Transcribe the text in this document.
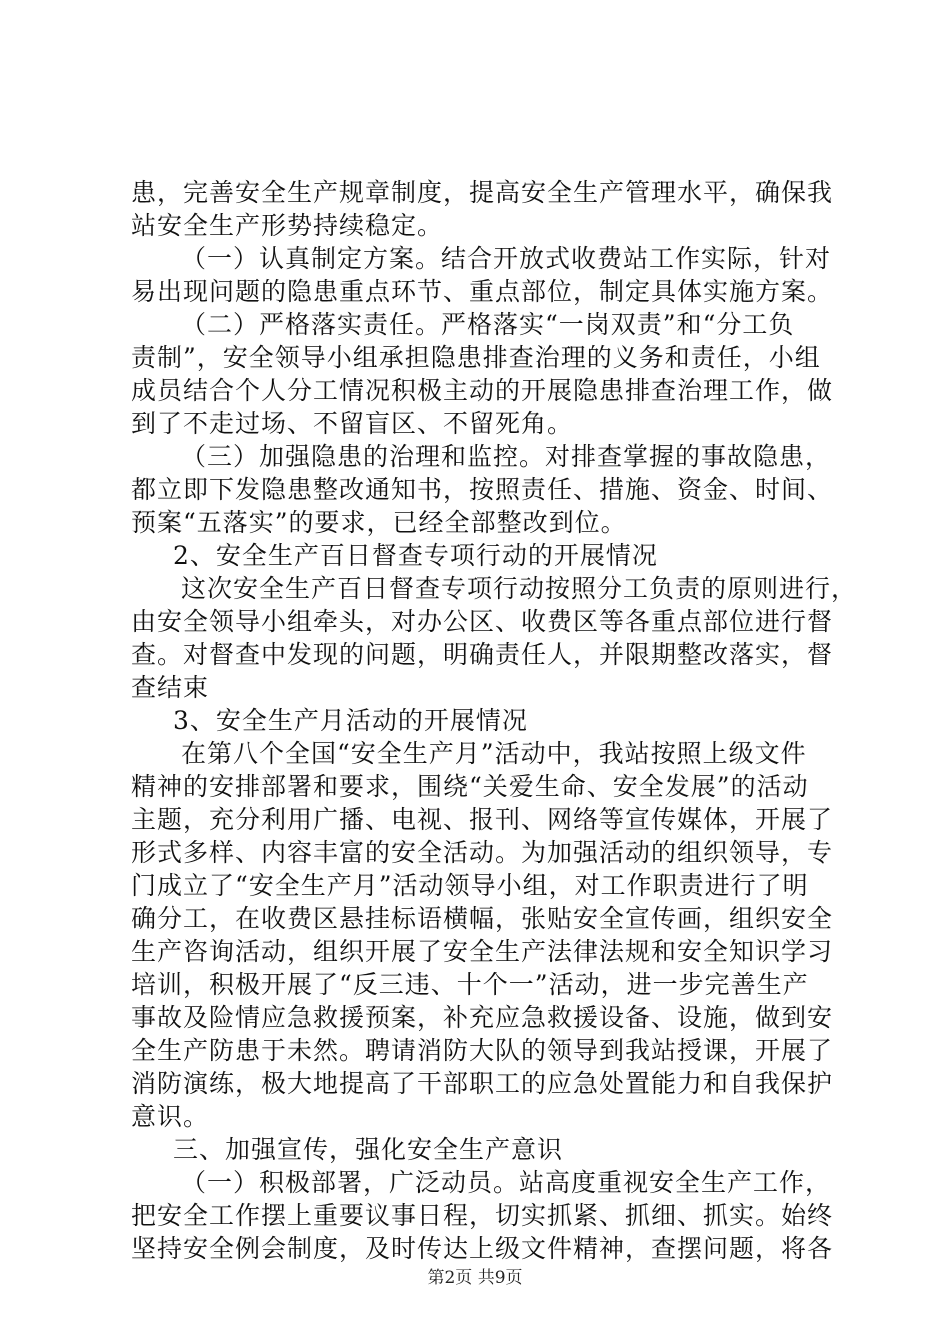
患，完善安全生产规章制度，提高安全生产管理水平，确保我
站安全生产形势持续稳定。
（一）认真制定方案。结合开放式收费站工作实际，针对
易出现问题的隐患重点环节、重点部位，制定具体实施方案。
（二）严格落实责任。严格落实“一岗双责”和“分工负
责制”，安全领导小组承担隐患排查治理的义务和责任，小组
成员结合个人分工情况积极主动的开展隐患排查治理工作，做
到了不走过场、不留盲区、不留死角。
（三）加强隐患的治理和监控。对排查掌握的事故隐患，
都立即下发隐患整改通知书，按照责任、措施、资金、时间、
预案“五落实”的要求，已经全部整改到位。
2、安全生产百日督查专项行动的开展情况
这次安全生产百日督查专项行动按照分工负责的原则进行，
由安全领导小组牵头，对办公区、收费区等各重点部位进行督
查。对督查中发现的问题，明确责任人，并限期整改落实，督
查结束
3、安全生产月活动的开展情况
在第八个全国“安全生产月”活动中，我站按照上级文件
精神的安排部署和要求，围绕“关爱生命、安全发展”的活动
主题，充分利用广播、电视、报刊、网络等宣传媒体，开展了
形式多样、内容丰富的安全活动。为加强活动的组织领导，专
门成立了“安全生产月”活动领导小组，对工作职责进行了明
确分工，在收费区悬挂标语横幅，张贴安全宣传画，组织安全
生产咨询活动，组织开展了安全生产法律法规和安全知识学习
培训，积极开展了“反三违、十个一”活动，进一步完善生产
事故及险情应急救援预案，补充应急救援设备、设施，做到安
全生产防患于未然。聘请消防大队的领导到我站授课，开展了
消防演练，极大地提高了干部职工的应急处置能力和自我保护
意识。
三、加强宣传，强化安全生产意识
（一）积极部署，广泛动员。站高度重视安全生产工作，
把安全工作摆上重要议事日程，切实抓紧、抓细、抓实。始终
坚持安全例会制度，及时传达上级文件精神，查摆问题，将各
第2页 共9页
